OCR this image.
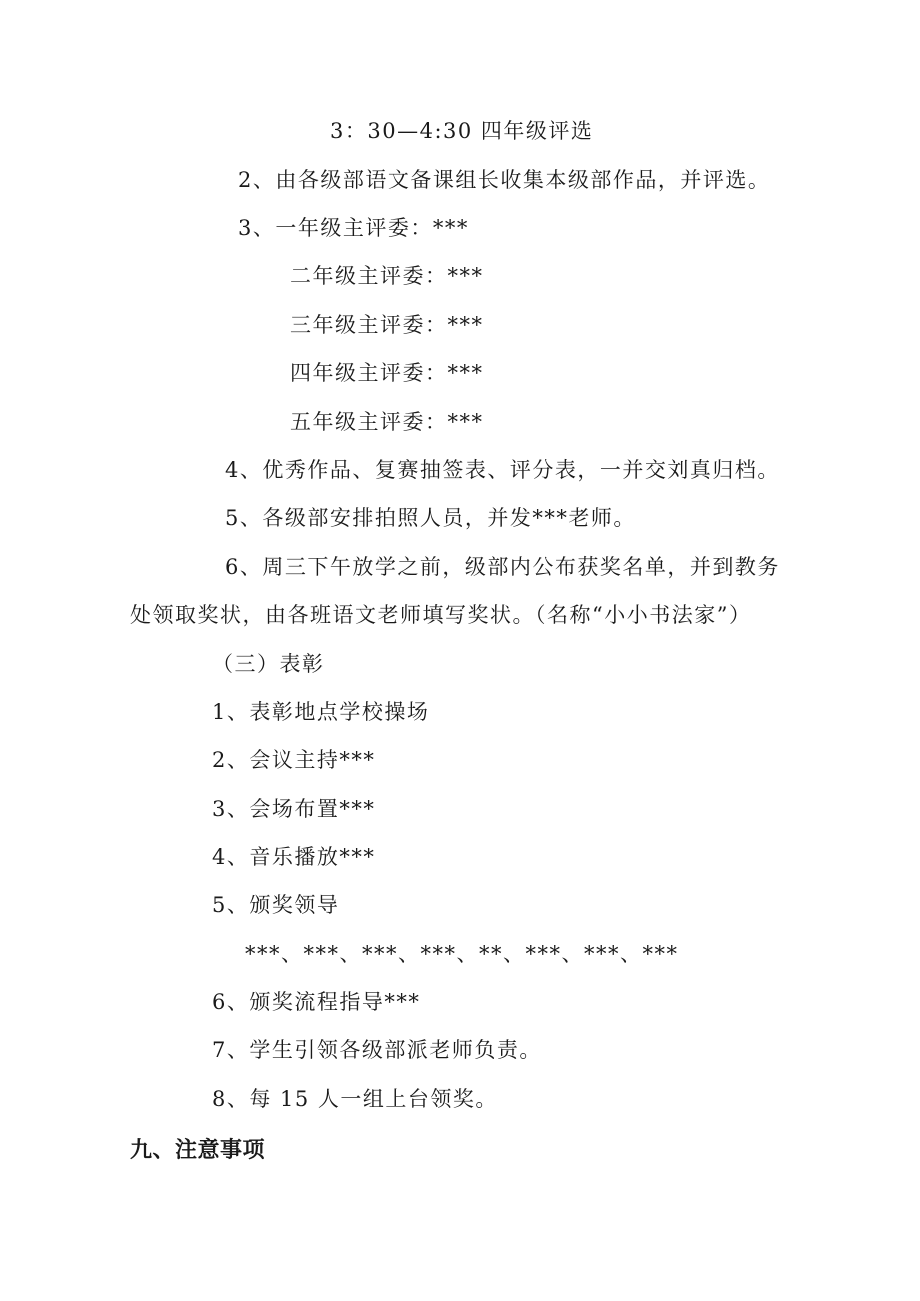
3：30—4:30 四年级评选
2、由各级部语文备课组长收集本级部作品，并评选。
3、一年级主评委：***
二年级主评委：***
三年级主评委：***
四年级主评委：***
五年级主评委：***
4、优秀作品、复赛抽签表、评分表，一并交刘真归档。
5、各级部安排拍照人员，并发***老师。
6、周三下午放学之前，级部内公布获奖名单，并到教务
处领取奖状，由各班语文老师填写奖状。（名称“小小书法家”）
（三）表彰
1、表彰地点学校操场
2、会议主持***
3、会场布置***
4、音乐播放***
5、颁奖领导
***、***、***、***、**、***、***、***
6、颁奖流程指导***
7、学生引领各级部派老师负责。
8、每 15 人一组上台领奖。
九、注意事项
